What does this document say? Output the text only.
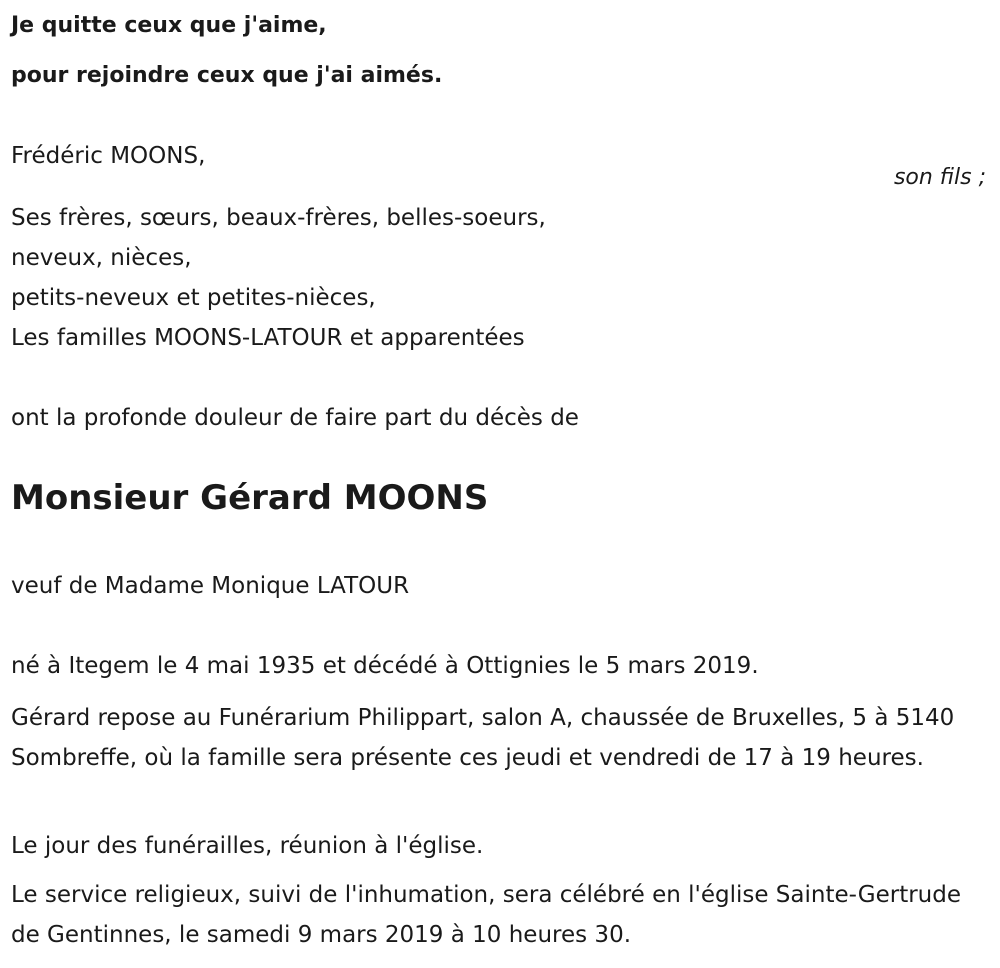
Je quitte ceux que j'aime,
pour rejoindre ceux que j'ai aimés.
Frédéric MOONS,
son fils ;
Ses frères, sœurs, beaux-frères, belles-soeurs,
neveux, nièces,
petits-neveux et petites-nièces,
Les familles MOONS-LATOUR et apparentées
ont la profonde douleur de faire part du décès de
Monsieur Gérard MOONS
veuf de Madame Monique LATOUR
né à Itegem le 4 mai 1935 et décédé à Ottignies le 5 mars 2019.
Gérard repose au Funérarium Philippart, salon A, chaussée de Bruxelles, 5 à 5140 Sombreffe, où la famille sera présente ces jeudi et vendredi de 17 à 19 heures.
Le jour des funérailles, réunion à l'église.
Le service religieux, suivi de l'inhumation, sera célébré en l'église Sainte-Gertrude de Gentinnes, le samedi 9 mars 2019 à 10 heures 30.
